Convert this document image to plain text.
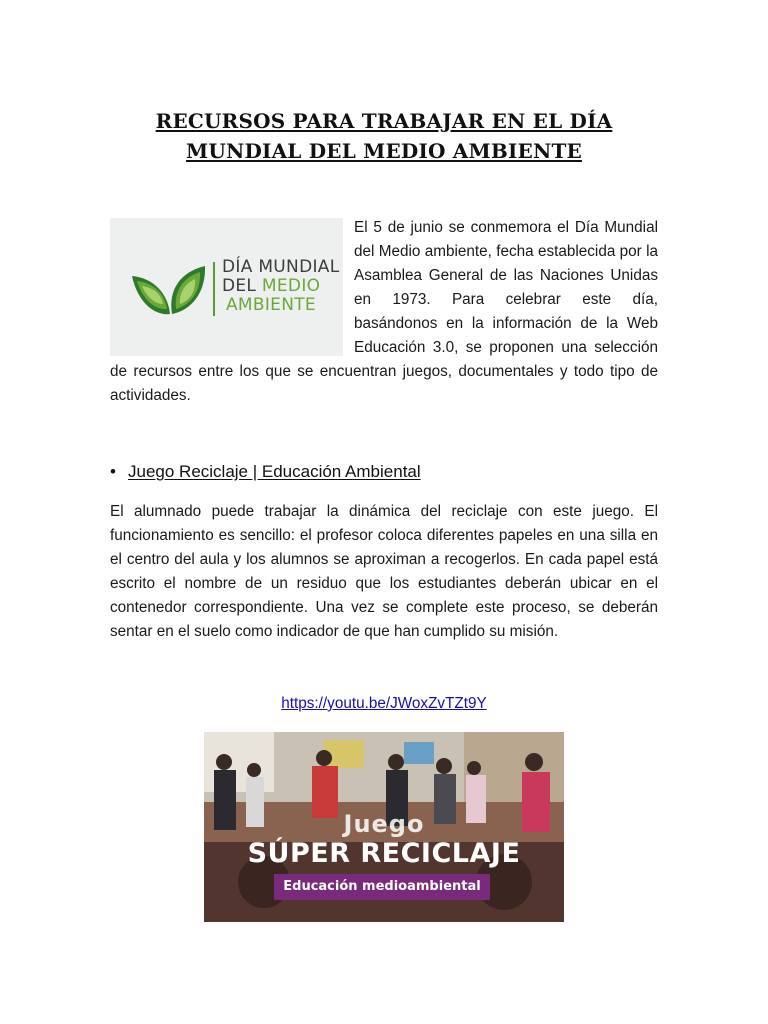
RECURSOS PARA TRABAJAR EN EL DÍA MUNDIAL DEL MEDIO AMBIENTE
DÍA MUNDIAL
DEL MEDIO
AMBIENTE
El 5 de junio se conmemora el Día Mundial del Medio ambiente, fecha establecida por la Asamblea General de las Naciones Unidas en 1973. Para celebrar este día, basándonos en la información de la Web Educación 3.0, se proponen una selección de recursos entre los que se encuentran juegos, documentales y todo tipo de actividades.
• Juego Reciclaje | Educación Ambiental
El alumnado puede trabajar la dinámica del reciclaje con este juego. El funcionamiento es sencillo: el profesor coloca diferentes papeles en una silla en el centro del aula y los alumnos se aproximan a recogerlos. En cada papel está escrito el nombre de un residuo que los estudiantes deberán ubicar en el contenedor correspondiente. Una vez se complete este proceso, se deberán sentar en el suelo como indicador de que han cumplido su misión.
https://youtu.be/JWoxZvTZt9Y
Juego
SÚPER RECICLAJE
Educación medioambiental
